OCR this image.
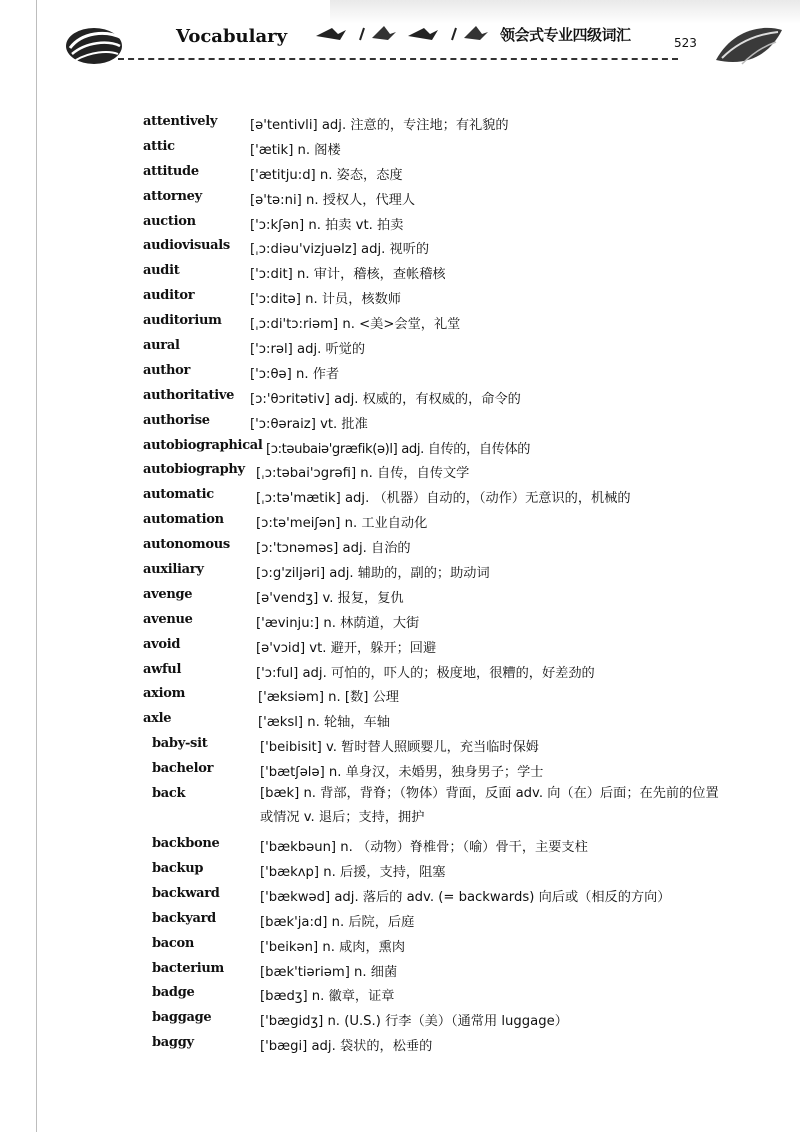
Vocabulary	领会式专业四级词汇	523
attentively [ə'tentivli] adj. 注意的，专注地；有礼貌的
attic	['ætik] n. 阁楼
attitude	['ætitju:d] n. 姿态，态度
attorney	[ə'tə:ni] n. 授权人，代理人
auction	['ɔ:kʃən] n. 拍卖 vt. 拍卖
audiovisuals [ˌɔ:diəu'vizjuəlz] adj. 视听的
audit	['ɔ:dit] n. 审计，稽核，查帐稽核
auditor	['ɔ:ditə] n. 计员，核数师
auditorium [ˌɔ:di'tɔ:riəm] n. <美>会堂，礼堂
aural	['ɔ:rəl] adj. 听觉的
author	['ɔ:θə] n. 作者
authoritative [ɔ:'θɔritətiv] adj. 权威的，有权威的，命令的
authorise	['ɔ:θəraiz] vt. 批准
autobiographical [ɔ:təubaiə'græfik(ə)l] adj. 自传的，自传体的
autobiography [ˌɔ:təbai'ɔgrəfi] n. 自传，自传文学
automatic	[ˌɔ:tə'mætik] adj. （机器）自动的，（动作）无意识的，机械的
automation [ɔ:tə'meiʃən] n. 工业自动化
autonomous [ɔ:'tɔnəməs] adj. 自治的
auxiliary	[ɔ:g'ziljəri] adj. 辅助的，副的；助动词
avenge	[ə'vendʒ] v. 报复，复仇
avenue	['ævinju:] n. 林荫道，大街
avoid	[ə'vɔid] vt. 避开，躲开；回避
awful	['ɔ:ful] adj. 可怕的，吓人的；极度地，很糟的，好差劲的
axiom	['æksiəm] n. [数] 公理
axle	['æksl] n. 轮轴，车轴
baby-sit	['beibisit] v. 暂时替人照顾婴儿，充当临时保姆
bachelor	['bætʃələ] n. 单身汉，未婚男，独身男子；学士
back	[bæk] n. 背部，背脊；（物体）背面，反面 adv. 向（在）后面；在先前的位置或情况 v. 退后；支持，拥护
backbone	['bækbəun] n. （动物）脊椎骨；（喻）骨干，主要支柱
backup	['bækʌp] n. 后援，支持，阻塞
backward	['bækwəd] adj. 落后的 adv. (= backwards) 向后或（相反的方向）
backyard	[bæk'ja:d] n. 后院，后庭
bacon	['beikən] n. 咸肉，熏肉
bacterium	[bæk'tiəriəm] n. 细菌
badge	[bædʒ] n. 徽章，证章
baggage	['bægidʒ] n. (U.S.) 行李（美）（通常用 luggage）
baggy	['bægi] adj. 袋状的，松垂的
